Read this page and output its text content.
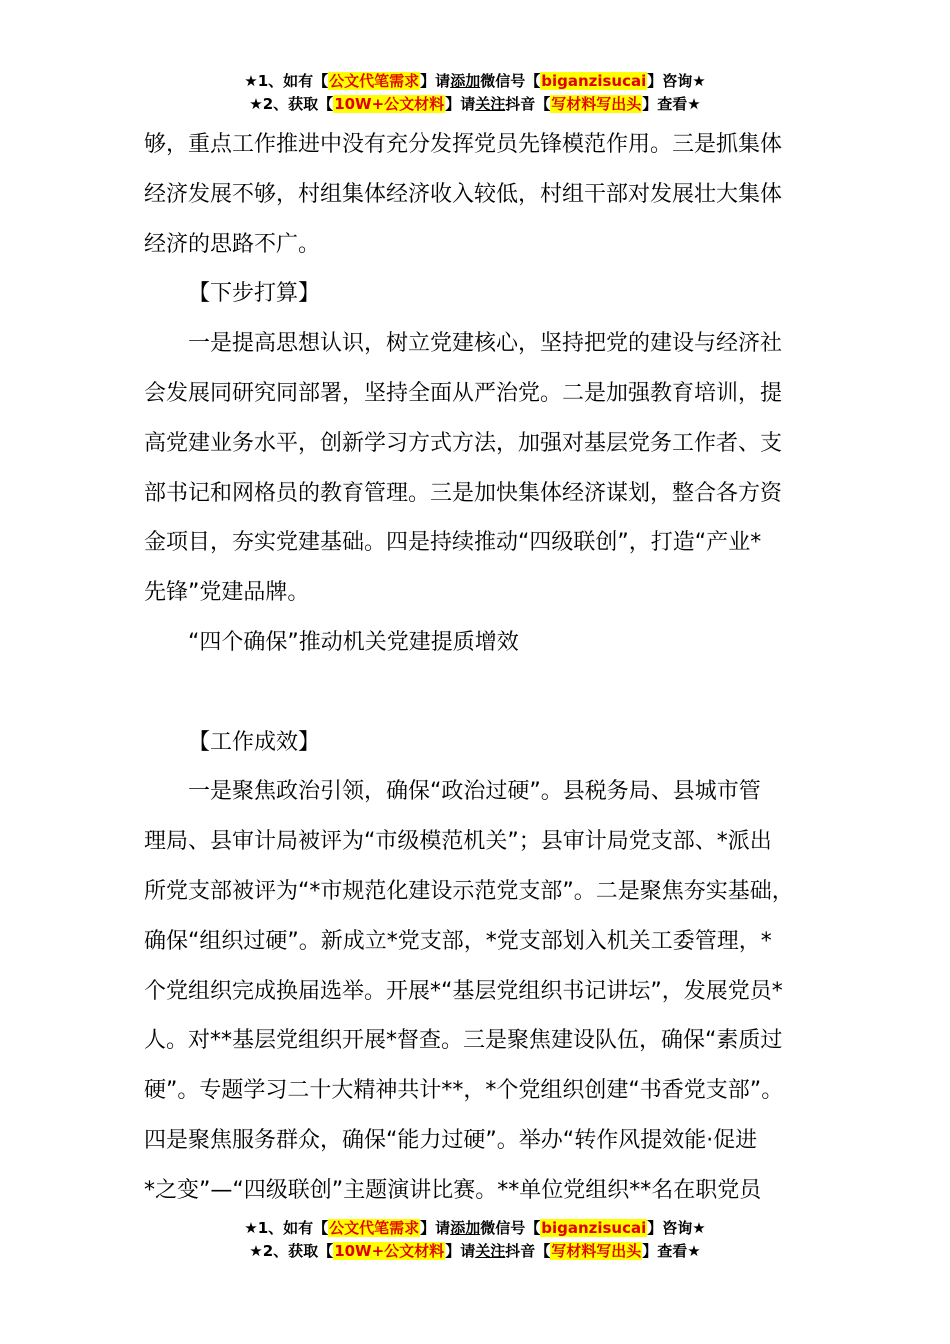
★1、如有【公文代笔需求】请添加微信号【biganzisucai】咨询★
★2、获取【10W+公文材料】请关注抖音【写材料写出头】查看★

够，重点工作推进中没有充分发挥党员先锋模范作用。三是抓集体

经济发展不够，村组集体经济收入较低，村组干部对发展壮大集体

经济的思路不广。

【下步打算】

一是提高思想认识，树立党建核心，坚持把党的建设与经济社

会发展同研究同部署，坚持全面从严治党。二是加强教育培训，提

高党建业务水平，创新学习方式方法，加强对基层党务工作者、支

部书记和网格员的教育管理。三是加快集体经济谋划，整合各方资

金项目，夯实党建基础。四是持续推动“四级联创”，打造“产业*

先锋”党建品牌。

“四个确保”推动机关党建提质增效

【工作成效】

一是聚焦政治引领，确保“政治过硬”。县税务局、县城市管

理局、县审计局被评为“市级模范机关”；县审计局党支部、*派出

所党支部被评为“*市规范化建设示范党支部”。二是聚焦夯实基础，

确保“组织过硬”。新成立*党支部，*党支部划入机关工委管理，*

个党组织完成换届选举。开展*“基层党组织书记讲坛”，发展党员*

人。对**基层党组织开展*督查。三是聚焦建设队伍，确保“素质过

硬”。专题学习二十大精神共计**，*个党组织创建“书香党支部”。

四是聚焦服务群众，确保“能力过硬”。举办“转作风提效能·促进

*之变”—“四级联创”主题演讲比赛。**单位党组织**名在职党员

★1、如有【公文代笔需求】请添加微信号【biganzisucai】咨询★
★2、获取【10W+公文材料】请关注抖音【写材料写出头】查看★
